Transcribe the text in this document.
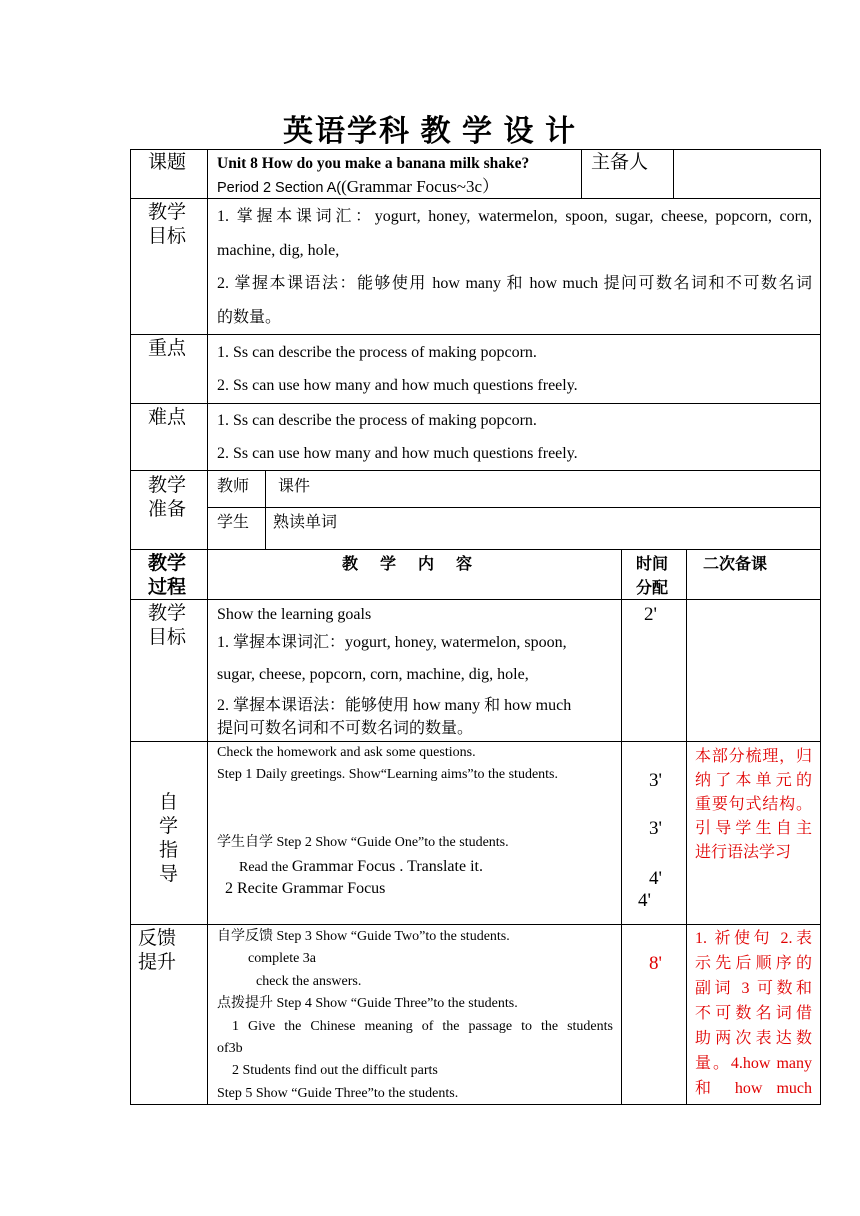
英语学科 教 学 设 计
课题 Unit 8 How do you make a banana milk shake?
Period 2 Section A((Grammar Focus~3c）
主备人
教学
目标
1. 掌握本课词汇：yogurt, honey, watermelon, spoon, sugar, cheese, popcorn, corn,
machine, dig, hole,
2. 掌握本课语法：能够使用 how many 和 how much 提问可数名词和不可数名词
的数量。
重点 1. Ss can describe the process of making popcorn.
2. Ss can use how many and how much questions freely.
难点 1. Ss can describe the process of making popcorn.
2. Ss can use how many and how much questions freely.
教学
准备
教师 课件
学生 熟读单词
教学
过程
教 学 内 容	时间
分配
二次备课
教学
目标
Show the learning goals
1. 掌握本课词汇：yogurt, honey, watermelon, spoon,
sugar, cheese, popcorn, corn, machine, dig, hole,
2. 掌握本课语法：能够使用 how many 和 how much
提问可数名词和不可数名词的数量。
2'
自
学
指
导
Check the homework and ask some questions.
Step 1 Daily greetings. Show“Learning aims”to the students.
学生自学 Step 2 Show “Guide One”to the students.
Read the Grammar Focus . Translate it.
2 Recite Grammar Focus
3'
3'
4'
4'
本部分梳理，归
纳了本单元的
重要句式结构。
引导学生自主
进行语法学习
反馈
提升
自学反馈 Step 3 Show “Guide Two”to the students.
complete 3a
check the answers.
点拨提升 Step 4 Show “Guide Three”to the students.
1 Give the Chinese meaning of the passage to the students
of3b
2 Students find out the difficult parts
Step 5 Show “Guide Three”to the students.
8'
1. 祈使句 2.表
示先后顺序的
副词 3 可数和
不可数名词借
助两次表达数
量。4.how many
和 how much
